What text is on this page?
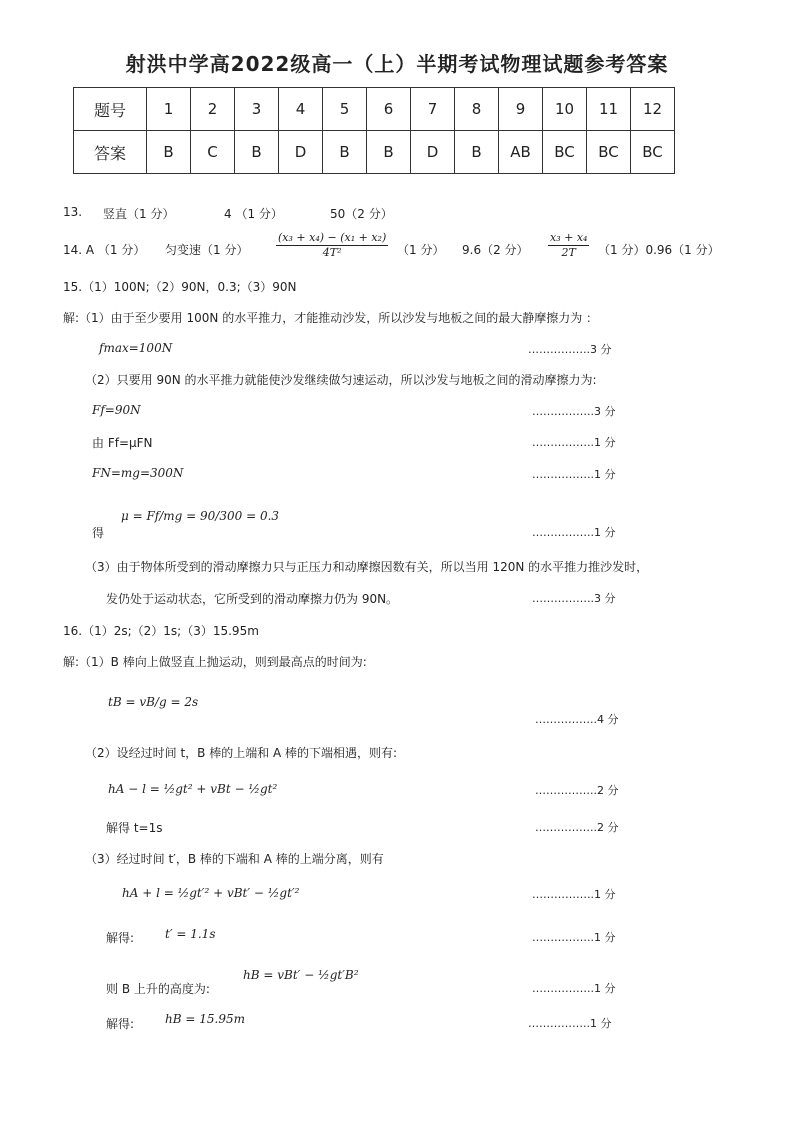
射洪中学高2022级高一（上）半期考试物理试题参考答案
题号	1	2	3	4	5	6	7	8	9	10	11	12
答案	B	C	B	D	B	B	D	B	AB	BC	BC	BC
13. 竖直（1 分）	4 （1 分）	50（2 分）
14. A （1 分） 匀变速（1 分）	$\frac{\text{(x₃ + x₄) − (x₁ + x₂)}}{\text{4T²}} (1$ 分） 9.6（2 分） $\frac{\text{x₃ + x₄}}{2T} (1$ 分）0.96（1 分）
15.（1）100N;（2）90N，0.3;（3）90N
解:（1）由于至少要用 100N 的水平推力，才能推动沙发，所以沙发与地板之间的最大静摩擦力为 ：
fmax=100N	……………..3 分
（2）只要用 90N 的水平推力就能使沙发继续做匀速运动，所以沙发与地板之间的滑动摩擦力为:
Ff=90N	……………..3 分
由 Ff=μFN	……………..1 分
FN=mg=300N	……………..1 分
得
μ = Ff/mg = 90/300 = 0.3
……………..1 分
（3）由于物体所受到的滑动摩擦力只与正压力和动摩擦因数有关，所以当用 120N 的水平推力推沙发时，
发仍处于运动状态，它所受到的滑动摩擦力仍为 90N。	……………..3 分
16.（1）2s;（2）1s;（3）15.95m
解:（1）B 棒向上做竖直上抛运动，则到最高点的时间为:
tB = vB/g = 2s
……………..4 分
（2）设经过时间 t，B 棒的上端和 A 棒的下端相遇，则有:
hA − l = ½gt² + vBt − ½gt²	……………..2 分
解得 t=1s	……………..2 分
（3）经过时间 t′，B 棒的下端和 A 棒的上端分离，则有
hA + l = ½gt′² + vBt′ − ½gt′²	……………..1 分
解得:	t′ = 1.1s	……………..1 分
则 B 上升的高度为:
hB = vBt′ − ½gt′B²
……………..1 分
解得:	hB = 15.95m	……………..1 分
